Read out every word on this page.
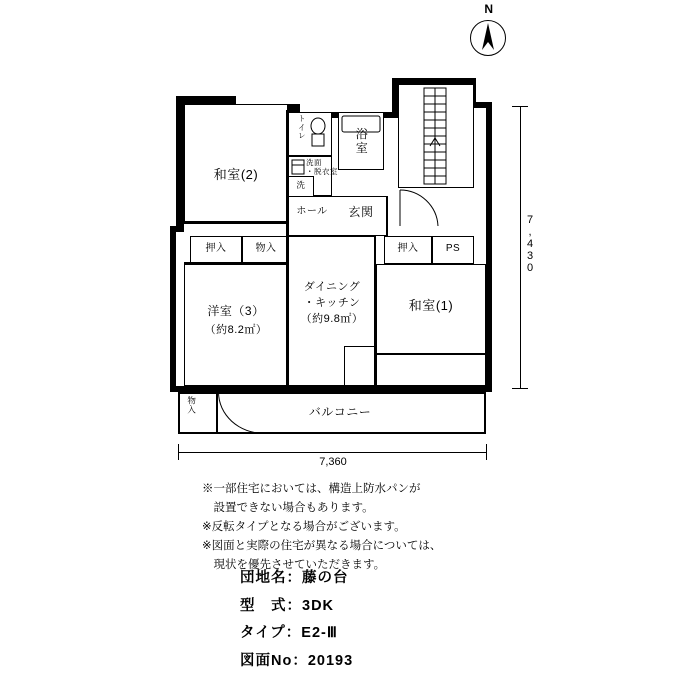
N
物入	バルコニー
和室(2)
ト
イ
レ
洗面
・脱衣室
洗
浴
室
ホール	玄関
押入	物入	押入	PS
ダイニング
・キッチン
（約9.8㎡）
洋室（3）
（約8.2㎡）
和室(1)
7,430
7,360
※一部住宅においては、構造上防水パンが
　設置できない場合もあります。
※反転タイプとなる場合がございます。
※図面と実際の住宅が異なる場合については、
　現状を優先させていただきます。
団地名：藤の台
型　式：3DK
タイプ：E2-Ⅲ
図面No：20193
